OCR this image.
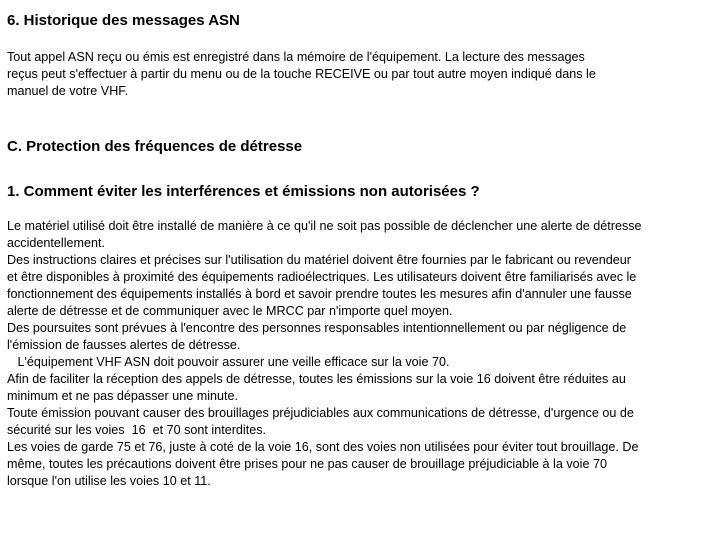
6. Historique des messages ASN
Tout appel ASN reçu ou émis est enregistré dans la mémoire de l'équipement. La lecture des messages
reçus peut s'effectuer à partir du menu ou de la touche RECEIVE ou par tout autre moyen indiqué dans le
manuel de votre VHF.
C. Protection des fréquences de détresse
1. Comment éviter les interférences et émissions non autorisées ?
Le matériel utilisé doit être installé de manière à ce qu'il ne soit pas possible de déclencher une alerte de détresse
accidentellement.
Des instructions claires et précises sur l'utilisation du matériel doivent être fournies par le fabricant ou revendeur
et être disponibles à proximité des équipements radioélectriques. Les utilisateurs doivent être familiarisés avec le
fonctionnement des équipements installés à bord et savoir prendre toutes les mesures afin d'annuler une fausse
alerte de détresse et de communiquer avec le MRCC par n'importe quel moyen.
Des poursuites sont prévues à l'encontre des personnes responsables intentionnellement ou par négligence de
l'émission de fausses alertes de détresse.
L'équipement VHF ASN doit pouvoir assurer une veille efficace sur la voie 70.
Afin de faciliter la réception des appels de détresse, toutes les émissions sur la voie 16 doivent être réduites au
minimum et ne pas dépasser une minute.
Toute émission pouvant causer des brouillages préjudiciables aux communications de détresse, d'urgence ou de
sécurité sur les voies  16  et 70 sont interdites.
Les voies de garde 75 et 76, juste à coté de la voie 16, sont des voies non utilisées pour éviter tout brouillage. De
même, toutes les précautions doivent être prises pour ne pas causer de brouillage préjudiciable à la voie 70
lorsque l'on utilise les voies 10 et 11.
